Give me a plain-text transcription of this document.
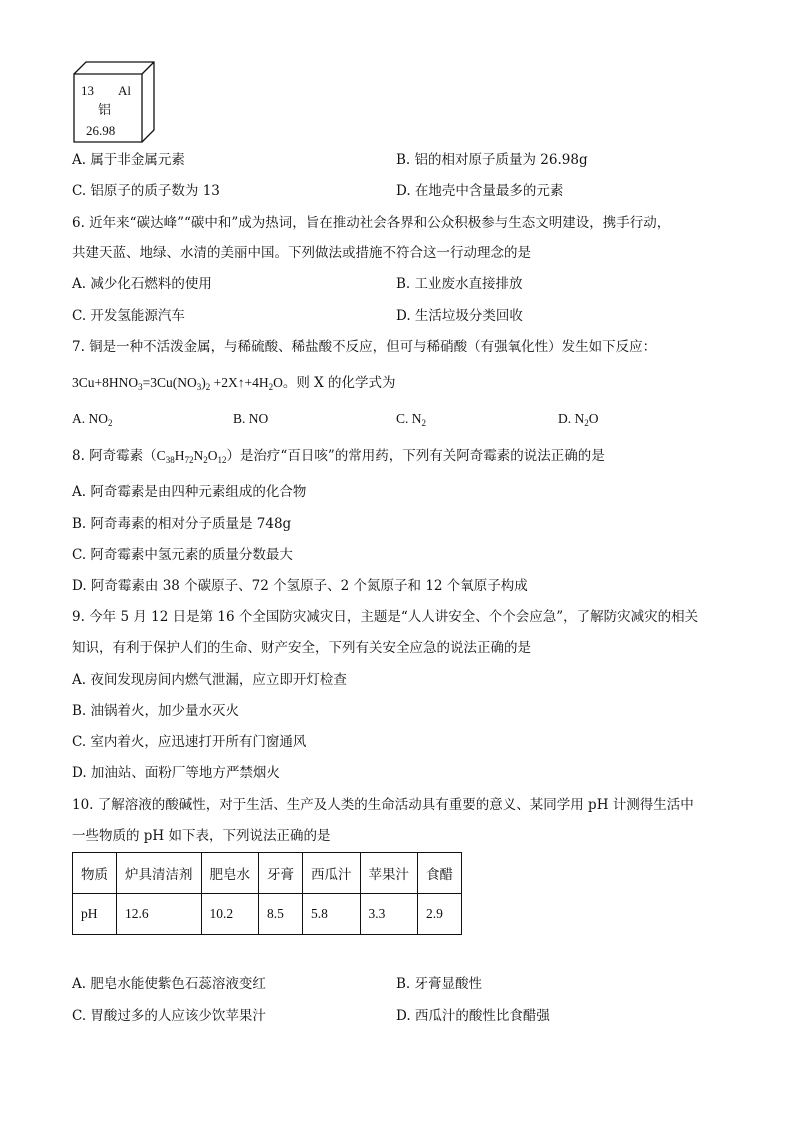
13 Al
铝
26.98
A. 属于非金属元素	B. 铝的相对原子质量为 26.98g
C. 铝原子的质子数为 13	D. 在地壳中含量最多的元素
6. 近年来“碳达峰”“碳中和”成为热词，旨在推动社会各界和公众积极参与生态文明建设，携手行动，
共建天蓝、地绿、水清的美丽中国。下列做法或措施不符合这一行动理念的是
A. 减少化石燃料的使用	B. 工业废水直接排放
C. 开发氢能源汽车	D. 生活垃圾分类回收
7. 铜是一种不活泼金属，与稀硫酸、稀盐酸不反应，但可与稀硝酸（有强氧化性）发生如下反应：
$3Cu+8HNO_3=3Cu(NO_3)_2$ $+2X↑+4H_2O$。则 X 的化学式为
A. $NO_2$	B. NO	C. $N_2$	D. $N_2O$
8. 阿奇霉素$(C_{38}H_{72}N_2O_{12})$是治疗“百日咳”的常用药，下列有关阿奇霉素的说法正确的是
A. 阿奇霉素是由四种元素组成的化合物
B. 阿奇毒素的相对分子质量是 748g
C. 阿奇霉素中氢元素的质量分数最大
D. 阿奇霉素由 38 个碳原子、72 个氢原子、2 个氮原子和 12 个氧原子构成
9. 今年 5 月 12 日是第 16 个全国防灾减灾日，主题是“人人讲安全、个个会应急”，了解防灾减灾的相关
知识，有利于保护人们的生命、财产安全，下列有关安全应急的说法正确的是
A. 夜间发现房间内燃气泄漏，应立即开灯检查
B. 油锅着火，加少量水灭火
C. 室内着火，应迅速打开所有门窗通风
D. 加油站、面粉厂等地方严禁烟火
10. 了解溶液的酸碱性，对于生活、生产及人类的生命活动具有重要的意义、某同学用 pH 计测得生活中
一些物质的 pH 如下表，下列说法正确的是
物质	炉具清洁剂	肥皂水	牙膏	西瓜汁	苹果汁	食醋
pH	12.6	10.2	8.5	5.8	3.3	2.9
A. 肥皂水能使紫色石蕊溶液变红	B. 牙膏显酸性
C. 胃酸过多的人应该少饮苹果汁	D. 西瓜汁的酸性比食醋强
